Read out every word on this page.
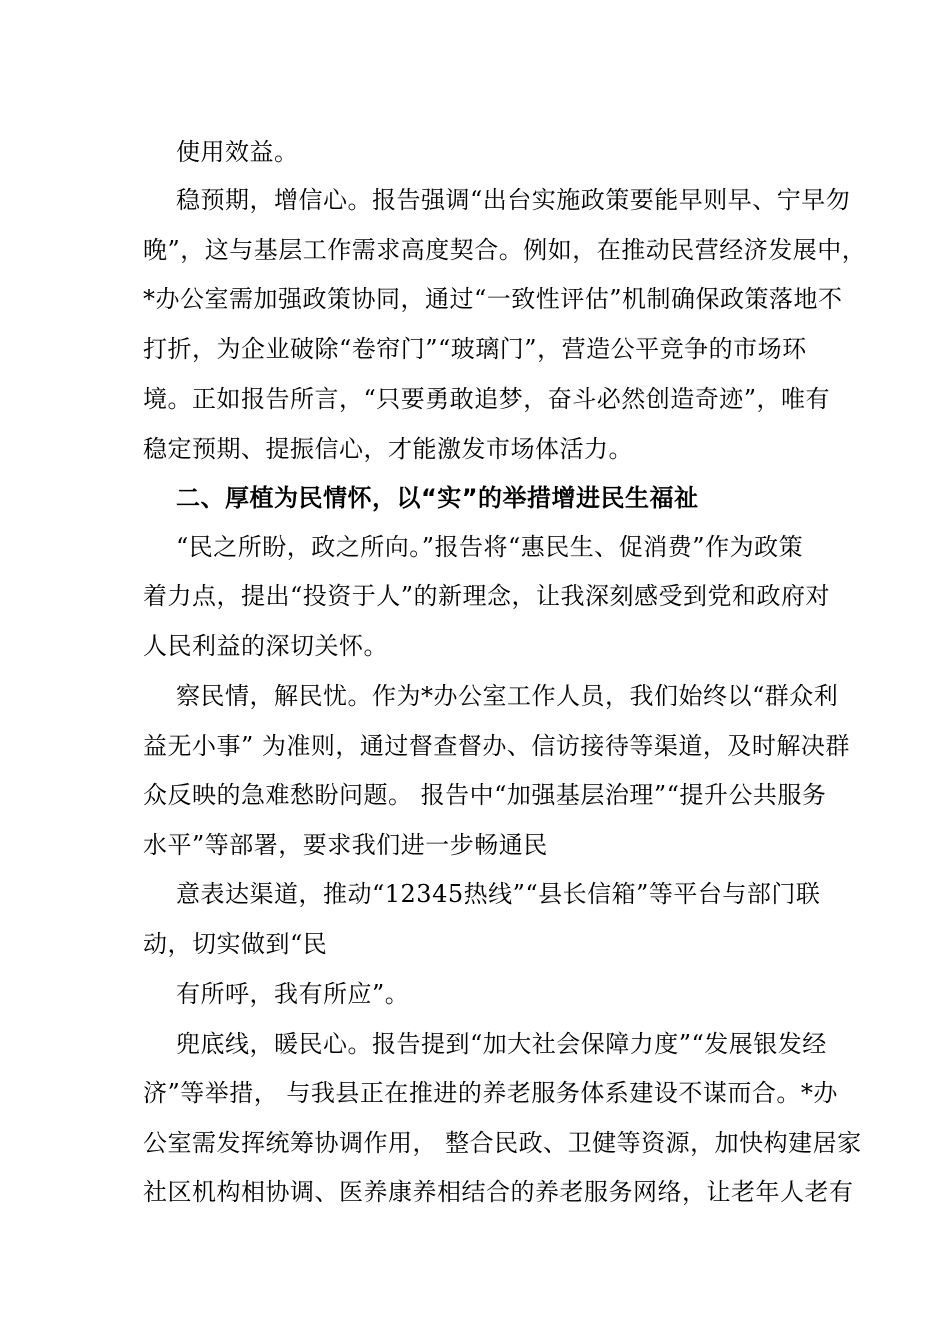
使用效益。
稳预期，增信心。报告强调“出台实施政策要能早则早、宁早勿
晚”，这与基层工作需求高度契合。例如，在推动民营经济发展中，
*办公室需加强政策协同，通过“一致性评估”机制确保政策落地不
打折，为企业破除“卷帘门”“玻璃门”，营造公平竞争的市场环
境。正如报告所言，“只要勇敢追梦，奋斗必然创造奇迹”，唯有
稳定预期、提振信心，才能激发市场体活力。
二、厚植为民情怀，以“实”的举措增进民生福祉
“民之所盼，政之所向。”报告将“惠民生、促消费”作为政策
着力点，提出“投资于人”的新理念，让我深刻感受到党和政府对
人民利益的深切关怀。
察民情，解民忧。作为*办公室工作人员，我们始终以“群众利
益无小事” 为准则，通过督查督办、信访接待等渠道，及时解决群
众反映的急难愁盼问题。 报告中“加强基层治理”“提升公共服务
水平”等部署，要求我们进一步畅通民
意表达渠道，推动“12345热线”“县长信箱”等平台与部门联
动，切实做到“民
有所呼，我有所应”。
兜底线，暖民心。报告提到“加大社会保障力度”“发展银发经
济”等举措， 与我县正在推进的养老服务体系建设不谋而合。*办
公室需发挥统筹协调作用， 整合民政、卫健等资源，加快构建居家
社区机构相协调、医养康养相结合的养老服务网络，让老年人老有
